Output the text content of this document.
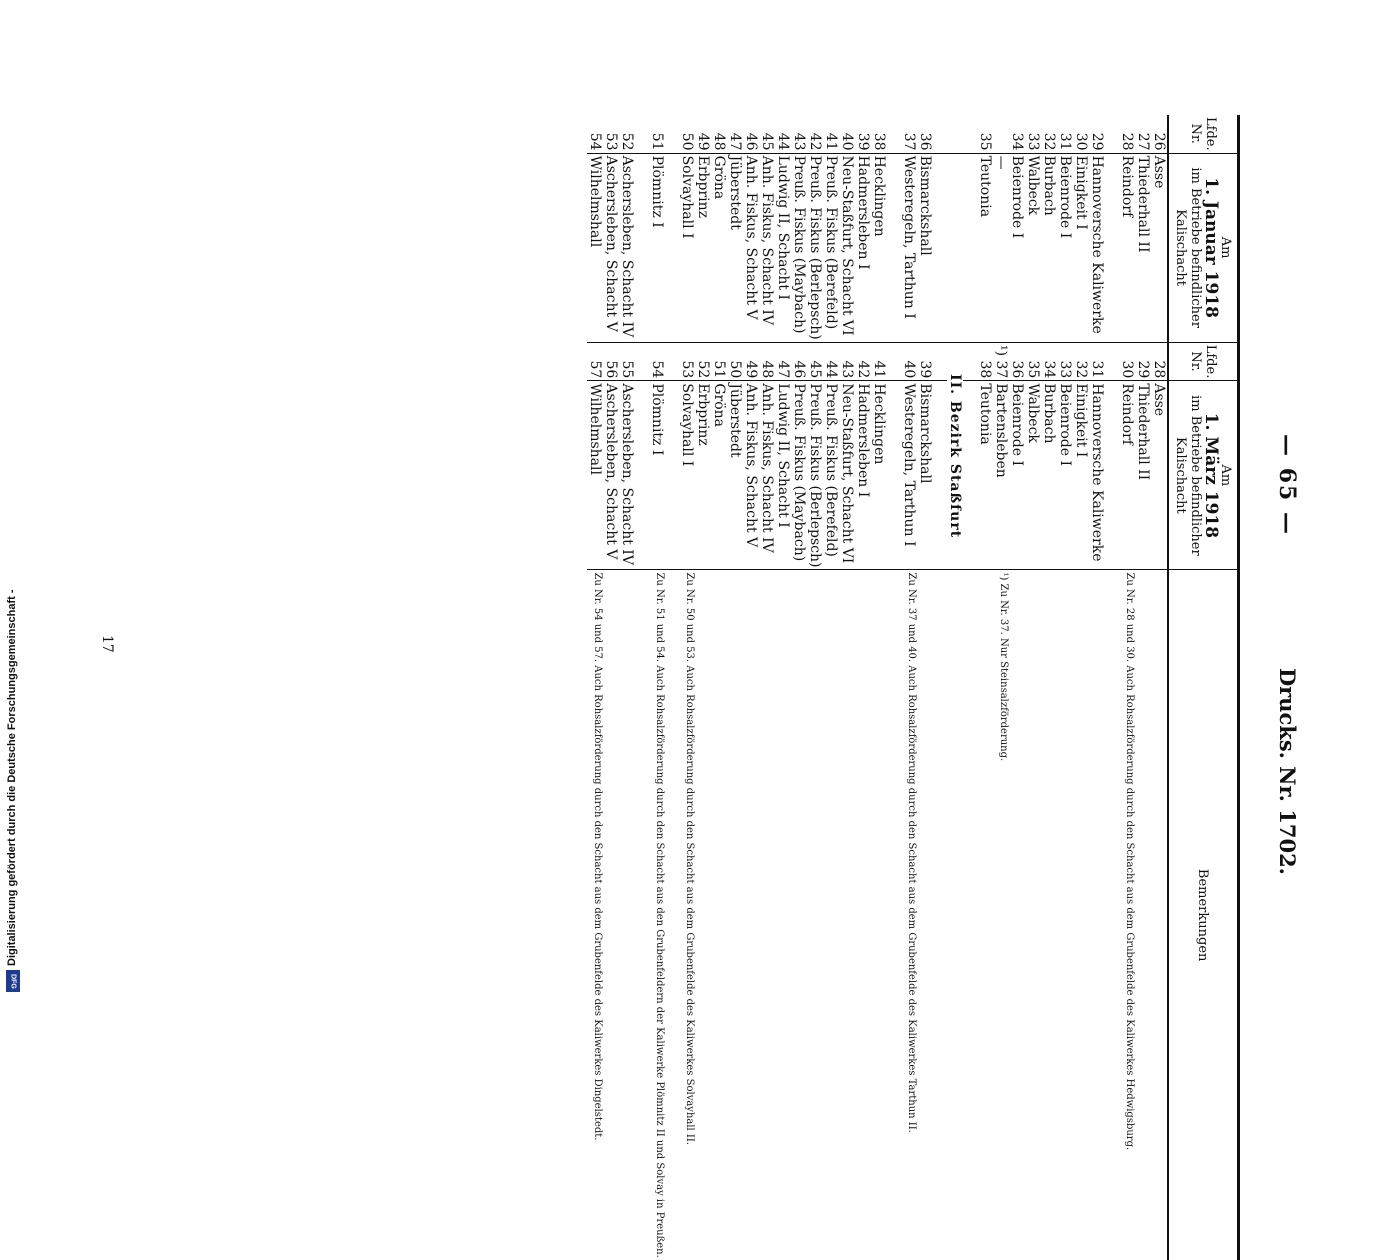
— 65 —
Drucks. Nr. 1702.
Lfde. Nr.	Am
1. Januar 1918
im Betriebe befindlicher Kalischacht	Lfde. Nr.	Am
1. März 1918
im Betriebe befindlicher Kalischacht	Bemerkungen
26	Asse	28	Asse	
27	Thiederhall II	29	Thiederhall II	
28	Reindorf	30	Reindorf	Zu Nr. 28 und 30. Auch Rohsalzförderung durch den Schacht aus dem Grubenfelde des Kaliwerkes Hedwigsburg.

29	Hannoversche Kaliwerke	31	Hannoversche Kaliwerke	
30	Einigkeit I	32	Einigkeit I	
31	Beienrode I	33	Beienrode I	
32	Burbach	34	Burbach	
33	Walbeck	35	Walbeck	
34	Beienrode I	36	Beienrode I	
	—	¹) 37	Bartensleben	¹) Zu Nr. 37. Nur Steinsalzförderung.
35	Teutonia	38	Teutonia	

		II. Bezirk Staßfurt		

36	Bismarckshall	39	Bismarckshall	
37	Westeregeln, Tarthun I	40	Westeregeln, Tarthun I	Zu Nr. 37 und 40. Auch Rohsalzförderung durch den Schacht aus dem Grubenfelde des Kaliwerkes Tarthun II.

38	Hecklingen	41	Hecklingen	
39	Hadmersleben I	42	Hadmersleben I	
40	Neu-Staßfurt, Schacht VI	43	Neu-Staßfurt, Schacht VI	
41	Preuß. Fiskus (Berefeld)	44	Preuß. Fiskus (Berefeld)	
42	Preuß. Fiskus (Berlepsch)	45	Preuß. Fiskus (Berlepsch)	
43	Preuß. Fiskus (Maybach)	46	Preuß. Fiskus (Maybach)	
44	Ludwig II, Schacht I	47	Ludwig II, Schacht I	
45	Anh. Fiskus, Schacht IV	48	Anh. Fiskus, Schacht IV	
46	Anh. Fiskus, Schacht V	49	Anh. Fiskus, Schacht V	
47	Jüberstedt	50	Jüberstedt	
48	Gröna	51	Gröna	
49	Erbprinz	52	Erbprinz	
50	Solvayhall I	53	Solvayhall I	Zu Nr. 50 und 53. Auch Rohsalzförderung durch den Schacht aus dem Grubenfelde des Kaliwerkes Solvayhall II.

51	Plömnitz I	54	Plömnitz I	Zu Nr. 51 und 54. Auch Rohsalzförderung durch den Schacht aus den Grubenfeldern der Kaliwerke Plömnitz II und Solvay in Preußen.

52	Aschersleben, Schacht IV	55	Aschersleben, Schacht IV	
53	Aschersleben, Schacht V	56	Aschersleben, Schacht V	
54	Wilhelmshall	57	Wilhelmshall	Zu Nr. 54 und 57. Auch Rohsalzförderung durch den Schacht aus dem Grubenfelde des Kaliwerkes Dingelstedt.
17
Digitalisierung gefördert durch die Deutsche Forschungsgemeinschaft -
DFG
